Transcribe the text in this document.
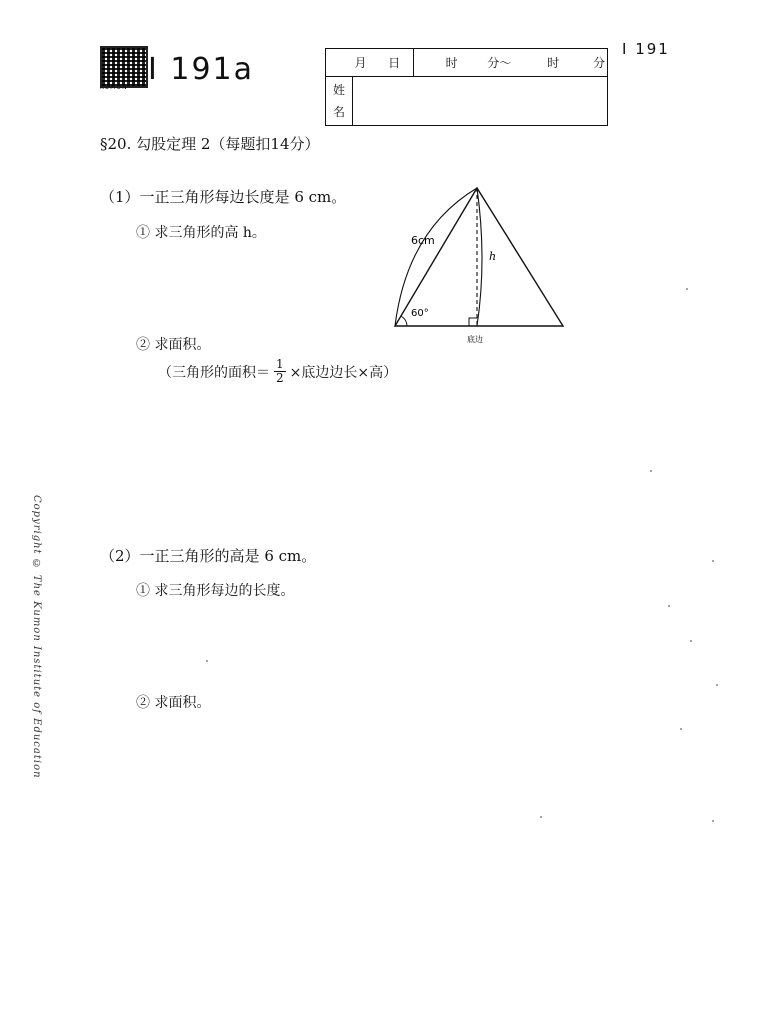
KUMON
I 191a
I 191
月 日		时 分～ 时 分

姓
名		

§20. 勾股定理 2（每题扣14分）
（1）一正三角形每边长度是 6 cm。
① 求三角形的高 h。	6cm
h
60°
底边
② 求面积。
（三角形的面积＝ $\frac{1}{2}$ ×底边边长×高）
（2）一正三角形的高是 6 cm。
① 求三角形每边的长度。
② 求面积。
Copyright © The Kumon Institute of Education
